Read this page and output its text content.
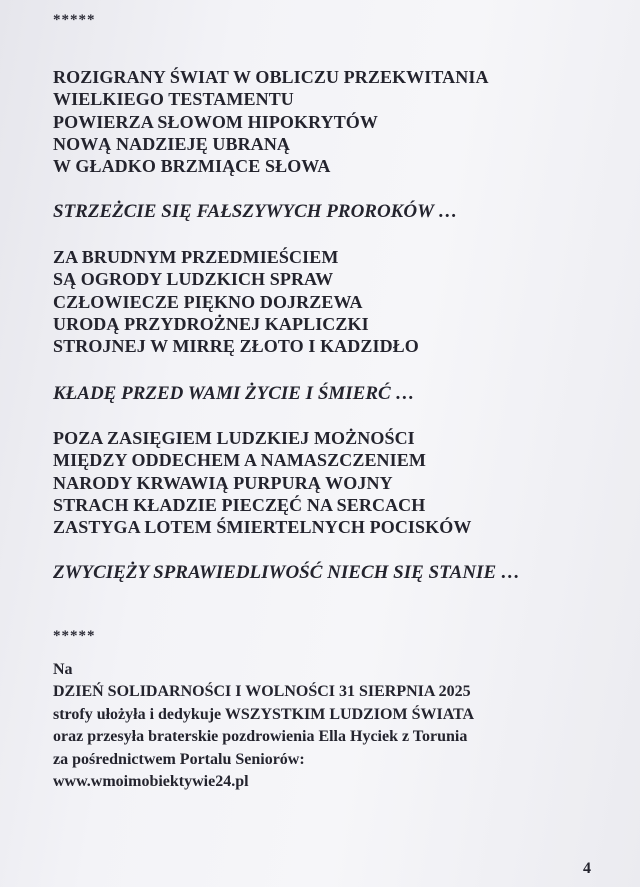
*****

ROZIGRANY ŚWIAT W OBLICZU PRZEKWITANIA
WIELKIEGO TESTAMENTU
POWIERZA SŁOWOM HIPOKRYTÓW
NOWĄ NADZIEJĘ UBRANĄ
W GŁADKO BRZMIĄCE SŁOWA

STRZEŻCIE SIĘ FAŁSZYWYCH PROROKÓW …

ZA BRUDNYM PRZEDMIEŚCIEM
SĄ OGRODY LUDZKICH SPRAW
CZŁOWIECZE PIĘKNO DOJRZEWA
URODĄ PRZYDROŻNEJ KAPLICZKI
STROJNEJ W MIRRĘ ZŁOTO I KADZIDŁO

KŁADĘ PRZED WAMI ŻYCIE I ŚMIERĆ …

POZA ZASIĘGIEM LUDZKIEJ MOŻNOŚCI
MIĘDZY ODDECHEM A NAMASZCZENIEM
NARODY KRWAWIĄ PURPURĄ WOJNY
STRACH KŁADZIE PIECZĘĆ NA SERCACH
ZASTYGA LOTEM ŚMIERTELNYCH POCISKÓW

ZWYCIĘŻY SPRAWIEDLIWOŚĆ NIECH SIĘ STANIE …

*****

Na
DZIEŃ SOLIDARNOŚCI I WOLNOŚCI 31 SIERPNIA 2025
strofy ułożyła i dedykuje WSZYSTKIM LUDZIOM ŚWIATA
oraz przesyła braterskie pozdrowienia Ella Hyciek z Torunia
za pośrednictwem Portalu Seniorów:
www.wmoimobiektywie24.pl

4
